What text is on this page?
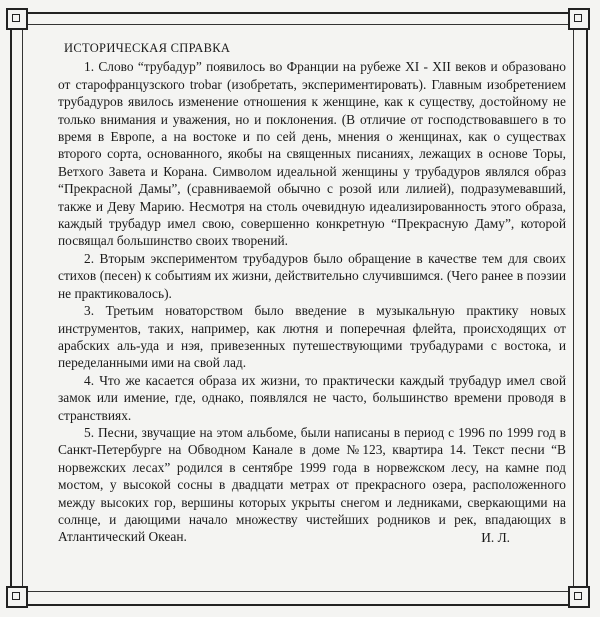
ИСТОРИЧЕСКАЯ СПРАВКА

1. Слово “трубадур” появилось во Франции на рубеже XI - XII веков и образовано от старофранцузского trobar (изобретать, экспериментировать). Главным изобретением трубадуров явилось изменение отношения к женщине, как к существу, достойному не только внимания и уважения, но и поклонения. (В отличие от господствовавшего в то время в Европе, а на востоке и по сей день, мнения о женщинах, как о существах второго сорта, основанного, якобы на священных писаниях, лежащих в основе Торы, Ветхого Завета и Корана. Символом идеальной женщины у трубадуров являлся образ “Прекрасной Дамы”, (сравниваемой обычно с розой или лилией), подразумевавший, также и Деву Марию. Несмотря на столь очевидную идеализированность этого образа, каждый трубадур имел свою, совершенно конкретную “Прекрасную Даму”, которой посвящал большинство своих творений.

2. Вторым экспериментом трубадуров было обращение в качестве тем для своих стихов (песен) к событиям их жизни, действительно случившимся. (Чего ранее в поэзии не практиковалось).

3. Третьим новаторством было введение в музыкальную практику новых инструментов, таких, например, как лютня и поперечная флейта, происходящих от арабских аль-уда и нэя, привезенных путешествующими трубадурами с востока, и переделанными ими на свой лад.

4. Что же касается образа их жизни, то практически каждый трубадур имел свой замок или имение, где, однако, появлялся не часто, большинство времени проводя в странствиях.

5. Песни, звучащие на этом альбоме, были написаны в период с 1996 по 1999 год в Санкт-Петербурге на Обводном Канале в доме №123, квартира 14. Текст песни “В норвежских лесах” родился в сентябре 1999 года в норвежском лесу, на камне под мостом, у высокой сосны в двадцати метрах от прекрасного озера, расположенного между высоких гор, вершины которых укрыты снегом и ледниками, сверкающими на солнце, и дающими начало множеству чистейших родников и рек, впадающих в Атлантический Океан.	И. Л.
